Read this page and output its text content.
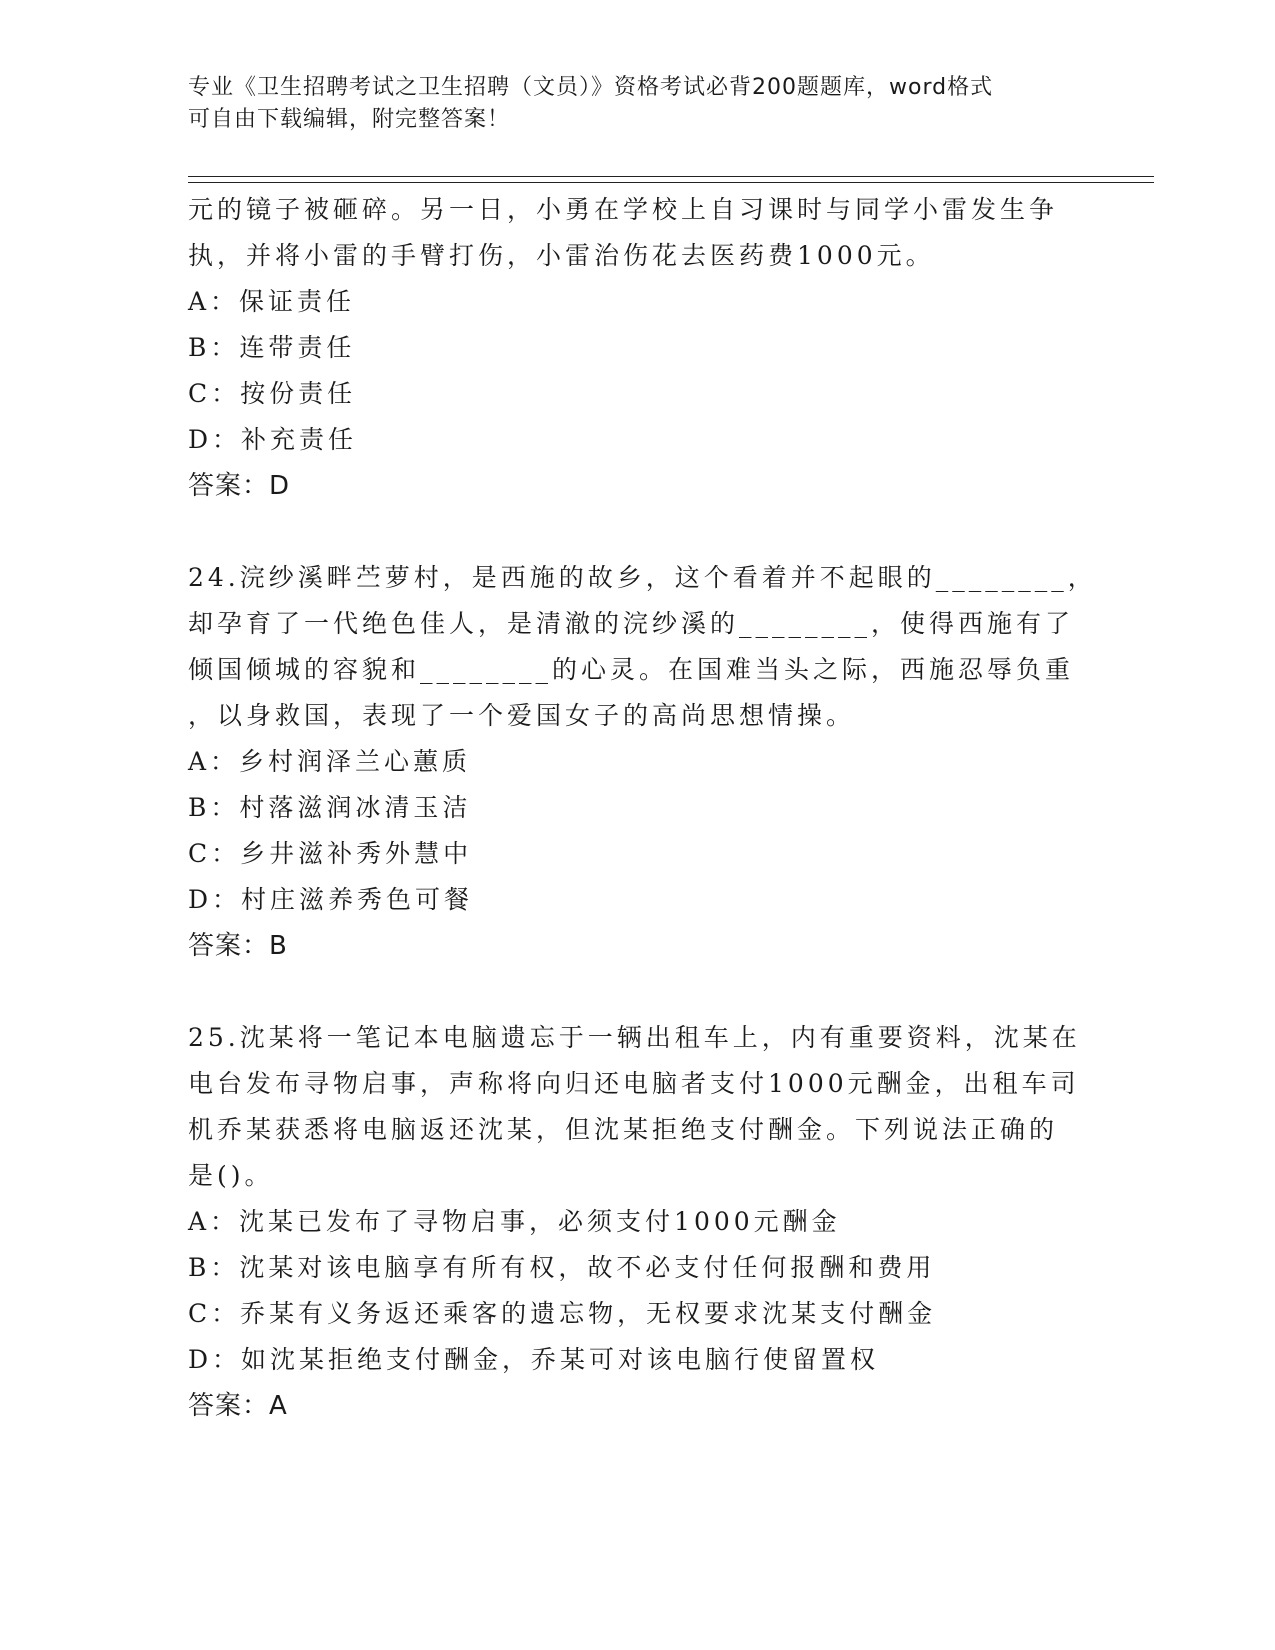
专业《卫生招聘考试之卫生招聘（文员）》资格考试必背200题题库，word格式
可自由下载编辑，附完整答案！
元的镜子被砸碎。另一日，小勇在学校上自习课时与同学小雷发生争
执，并将小雷的手臂打伤，小雷治伤花去医药费1000元。
A：保证责任
B：连带责任
C：按份责任
D：补充责任
答案：D
24.浣纱溪畔苎萝村，是西施的故乡，这个看着并不起眼的________，
却孕育了一代绝色佳人，是清澈的浣纱溪的________，使得西施有了
倾国倾城的容貌和________的心灵。在国难当头之际，西施忍辱负重
，以身救国，表现了一个爱国女子的高尚思想情操。
A：乡村润泽兰心蕙质
B：村落滋润冰清玉洁
C：乡井滋补秀外慧中
D：村庄滋养秀色可餐
答案：B
25.沈某将一笔记本电脑遗忘于一辆出租车上，内有重要资料，沈某在
电台发布寻物启事，声称将向归还电脑者支付1000元酬金，出租车司
机乔某获悉将电脑返还沈某，但沈某拒绝支付酬金。下列说法正确的
是()。
A：沈某已发布了寻物启事，必须支付1000元酬金
B：沈某对该电脑享有所有权，故不必支付任何报酬和费用
C：乔某有义务返还乘客的遗忘物，无权要求沈某支付酬金
D：如沈某拒绝支付酬金，乔某可对该电脑行使留置权
答案：A
